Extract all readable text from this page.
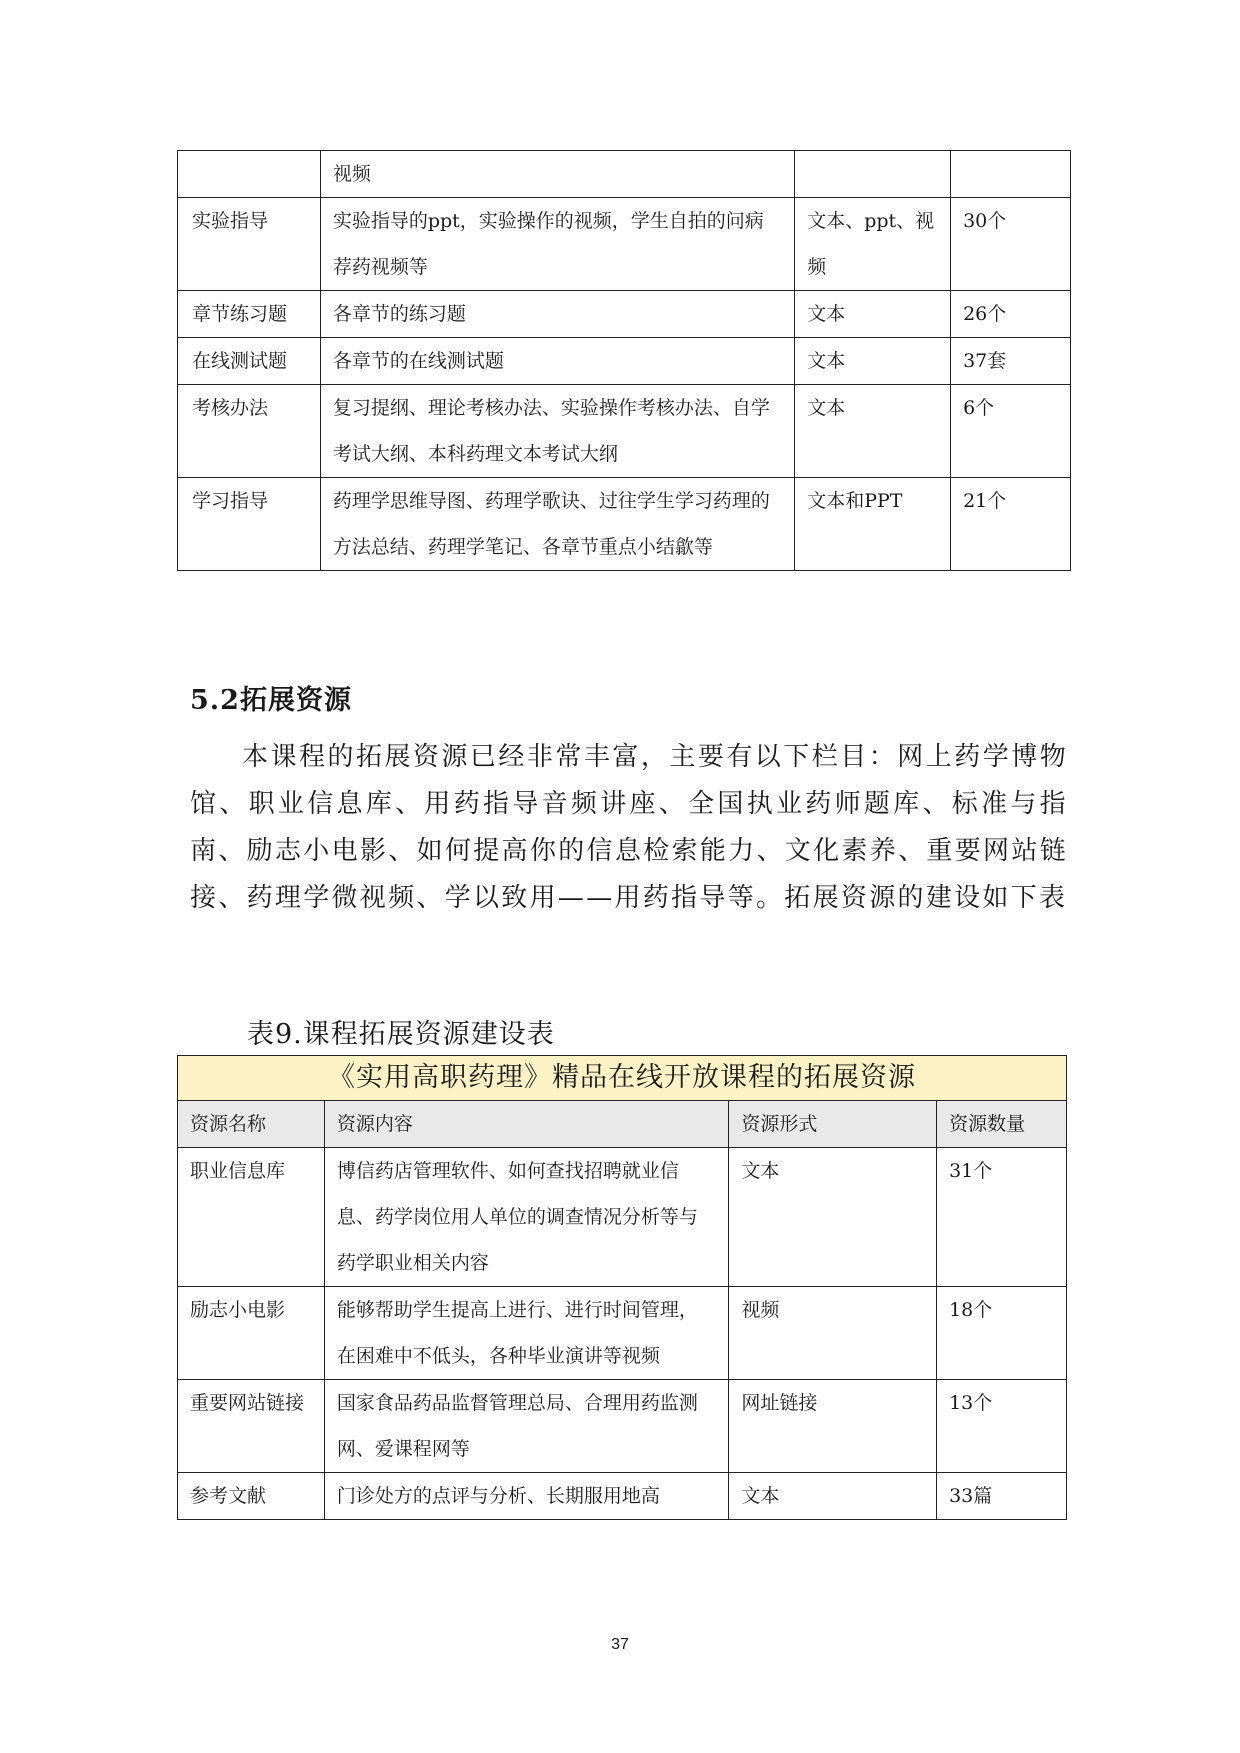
	视频		
实验指导	实验指导的ppt，实验操作的视频，学生自拍的问病荐药视频等	文本、ppt、视频	30个
章节练习题	各章节的练习题	文本	26个
在线测试题	各章节的在线测试题	文本	37套
考核办法	复习提纲、理论考核办法、实验操作考核办法、自学考试大纲、本科药理文本考试大纲	文本	6个
学习指导	药理学思维导图、药理学歌诀、过往学生学习药理的方法总结、药理学笔记、各章节重点小结歙等	文本和PPT	21个
5.2拓展资源

本课程的拓展资源已经非常丰富，主要有以下栏目：网上药学博物馆、职业信息库、用药指导音频讲座、全国执业药师题库、标准与指南、励志小电影、如何提高你的信息检索能力、文化素养、重要网站链接、药理学微视频、学以致用——用药指导等。拓展资源的建设如下表

表9.课程拓展资源建设表
《实用高职药理》精品在线开放课程的拓展资源			
资源名称	资源内容	资源形式	资源数量
职业信息库	博信药店管理软件、如何查找招聘就业信息、药学岗位用人单位的调查情况分析等与药学职业相关内容	文本	31个
励志小电影	能够帮助学生提高上进行、进行时间管理，在困难中不低头，各种毕业演讲等视频	视频	18个
重要网站链接	国家食品药品监督管理总局、合理用药监测网、爱课程网等	网址链接	13个
参考文献	门诊处方的点评与分析、长期服用地高	文本	33篇
37
